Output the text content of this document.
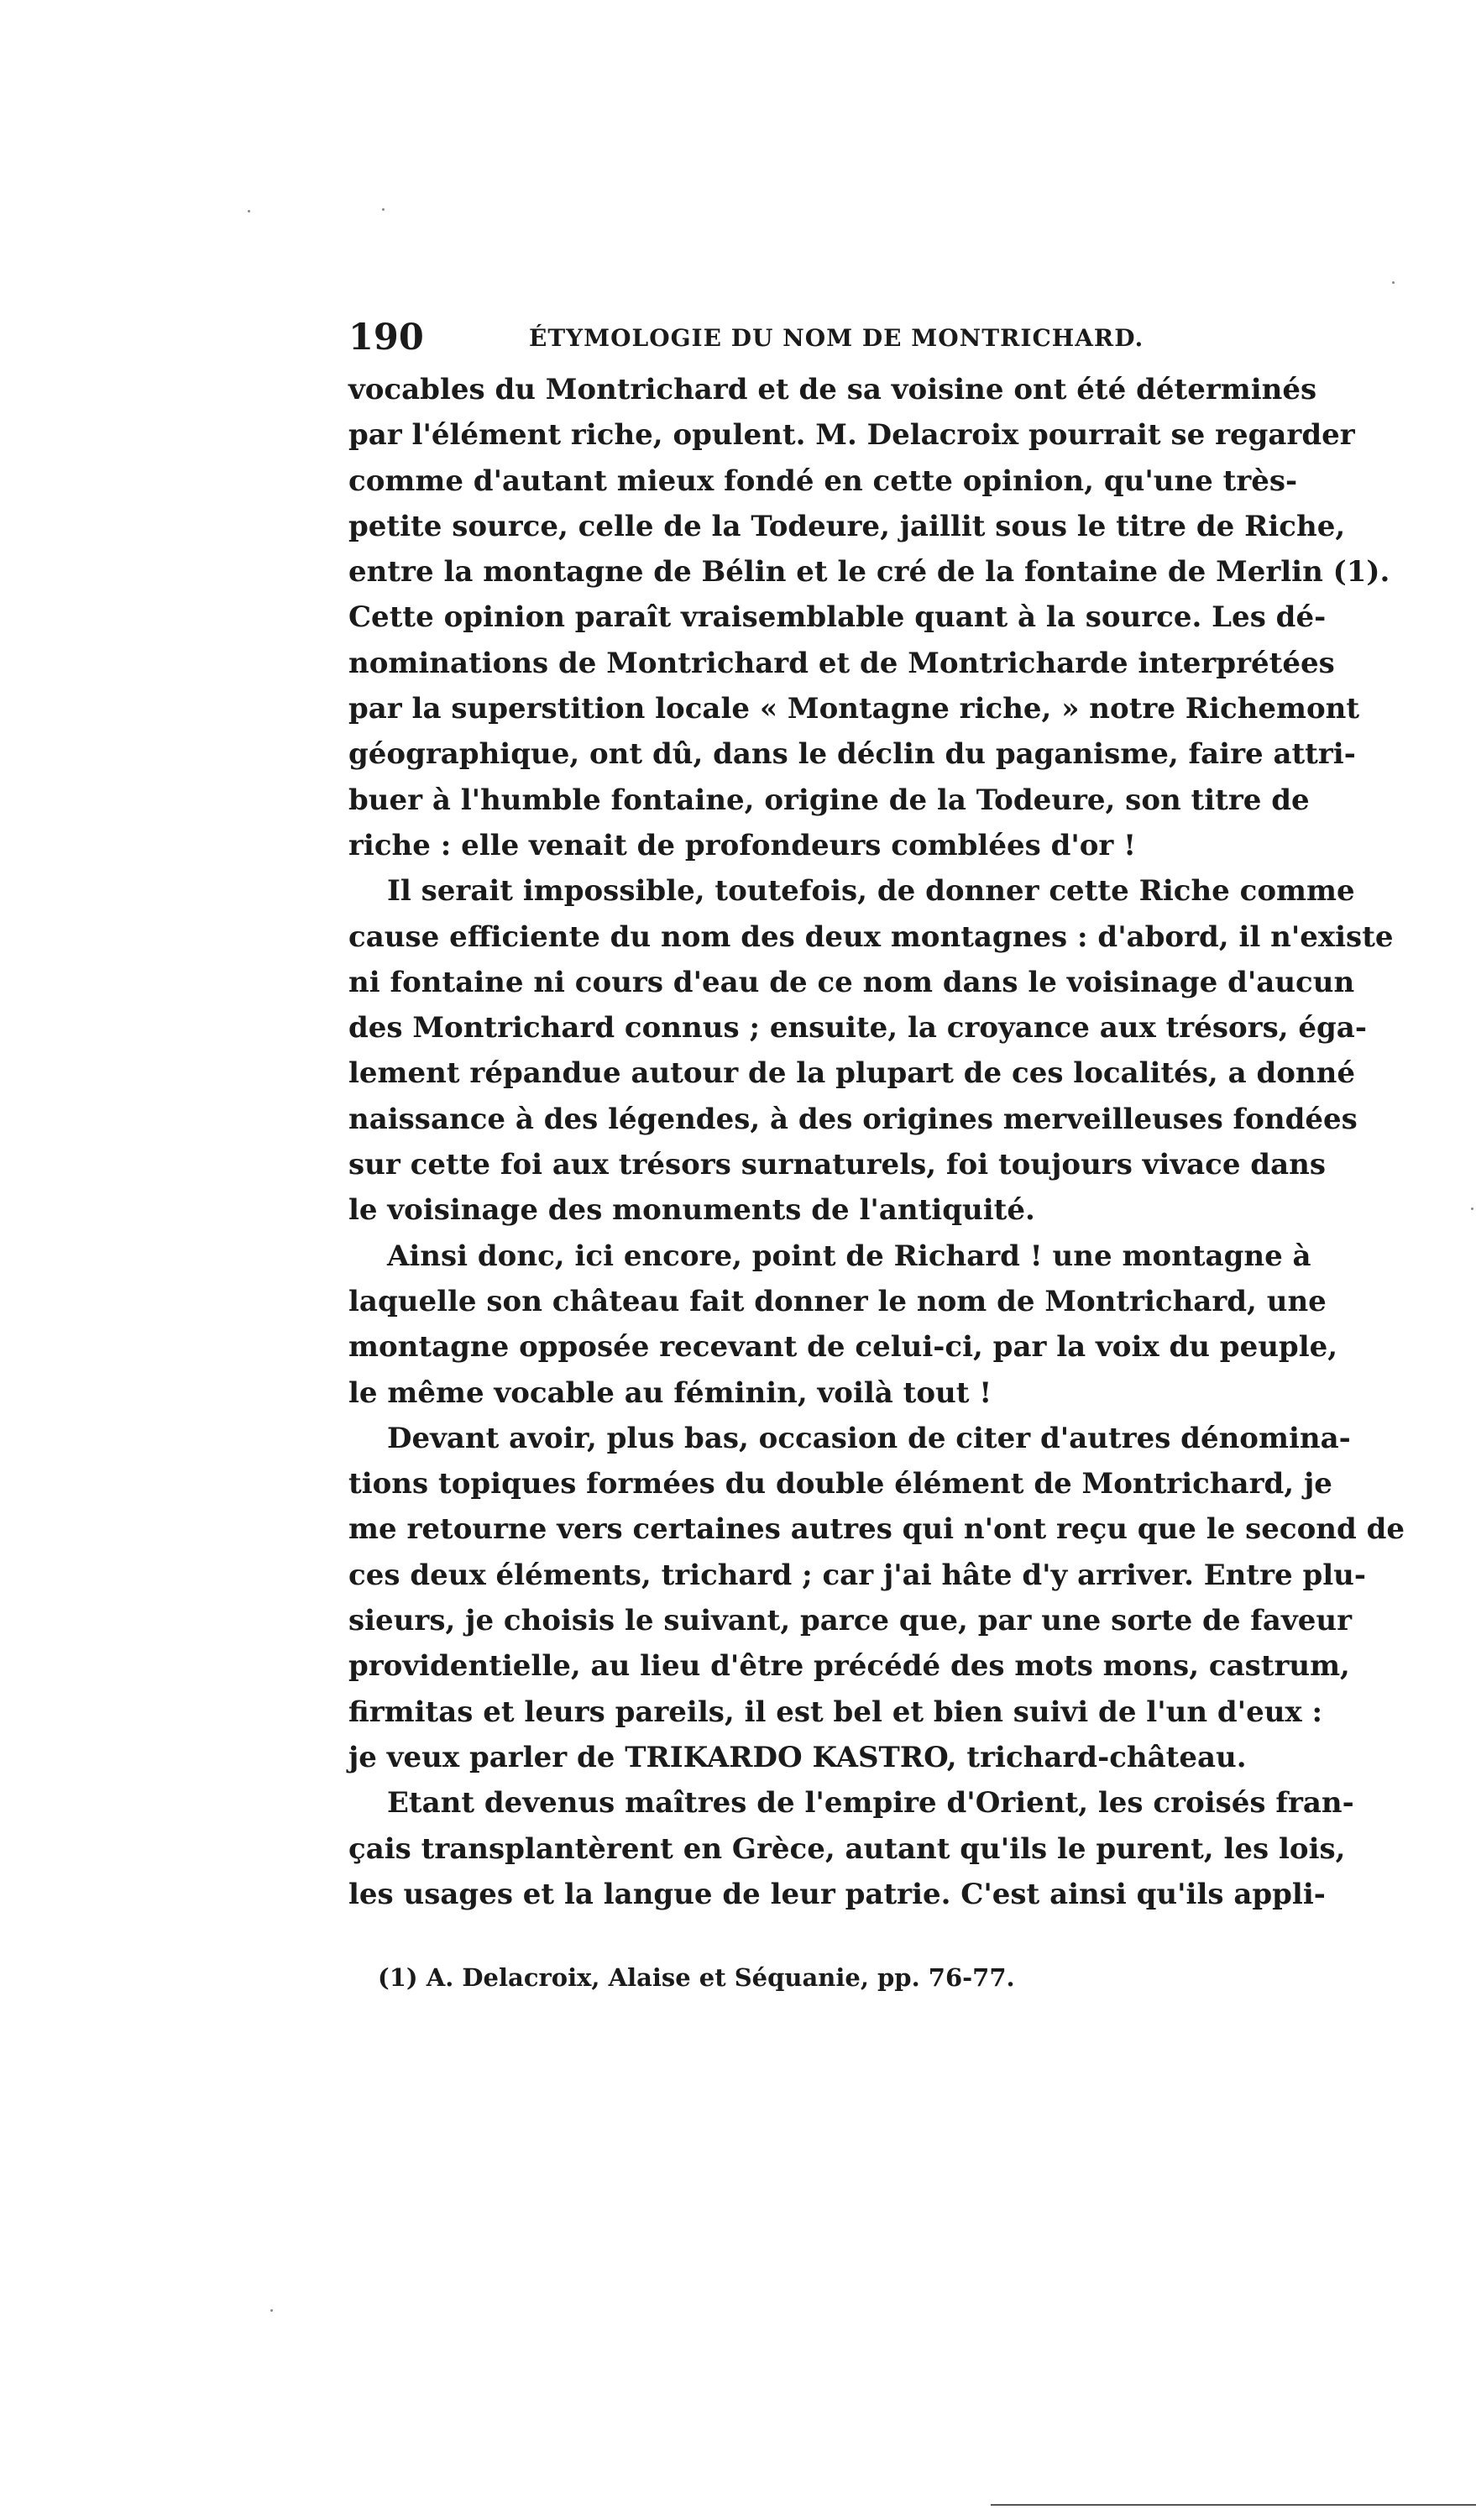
190	ÉTYMOLOGIE DU NOM DE MONTRICHARD.
vocables du Montrichard et de sa voisine ont été déterminés
par l'élément riche, opulent. M. Delacroix pourrait se regarder
comme d'autant mieux fondé en cette opinion, qu'une très-
petite source, celle de la Todeure, jaillit sous le titre de Riche,
entre la montagne de Bélin et le cré de la fontaine de Merlin (1).
Cette opinion paraît vraisemblable quant à la source. Les dé-
nominations de Montrichard et de Montricharde interprétées
par la superstition locale « Montagne riche, » notre Richemont
géographique, ont dû, dans le déclin du paganisme, faire attri-
buer à l'humble fontaine, origine de la Todeure, son titre de
riche : elle venait de profondeurs comblées d'or !
Il serait impossible, toutefois, de donner cette Riche comme
cause efficiente du nom des deux montagnes : d'abord, il n'existe
ni fontaine ni cours d'eau de ce nom dans le voisinage d'aucun
des Montrichard connus ; ensuite, la croyance aux trésors, éga-
lement répandue autour de la plupart de ces localités, a donné
naissance à des légendes, à des origines merveilleuses fondées
sur cette foi aux trésors surnaturels, foi toujours vivace dans
le voisinage des monuments de l'antiquité.
Ainsi donc, ici encore, point de Richard ! une montagne à
laquelle son château fait donner le nom de Montrichard, une
montagne opposée recevant de celui-ci, par la voix du peuple,
le même vocable au féminin, voilà tout !
Devant avoir, plus bas, occasion de citer d'autres dénomina-
tions topiques formées du double élément de Montrichard, je
me retourne vers certaines autres qui n'ont reçu que le second de
ces deux éléments, trichard ; car j'ai hâte d'y arriver. Entre plu-
sieurs, je choisis le suivant, parce que, par une sorte de faveur
providentielle, au lieu d'être précédé des mots mons, castrum,
firmitas et leurs pareils, il est bel et bien suivi de l'un d'eux :
je veux parler de TRIKARDO KASTRO, trichard-château.
Etant devenus maîtres de l'empire d'Orient, les croisés fran-
çais transplantèrent en Grèce, autant qu'ils le purent, les lois,
les usages et la langue de leur patrie. C'est ainsi qu'ils appli-
(1) A. Delacroix, Alaise et Séquanie, pp. 76-77.
